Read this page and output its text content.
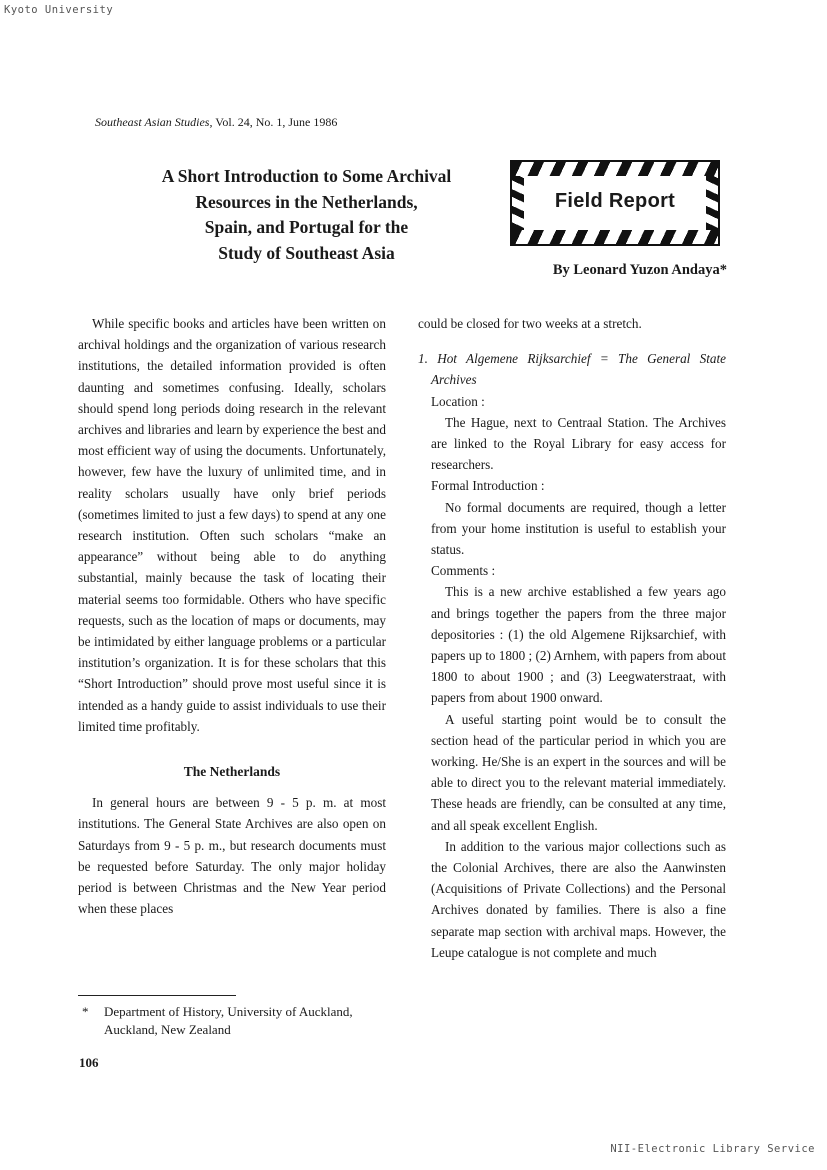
Kyoto University
Southeast Asian Studies, Vol. 24, No. 1, June 1986
A Short Introduction to Some Archival
Resources in the Netherlands,
Spain, and Portugal for the
Study of Southeast Asia
Field Report
By Leonard Yuzon Andaya*

While specific books and articles have been written on archival holdings and the organization of various research institutions, the detailed information provided is often daunting and sometimes confusing. Ideally, scholars should spend long periods doing research in the relevant archives and libraries and learn by experience the best and most efficient way of using the documents. Unfortunately, however, few have the luxury of unlimited time, and in reality scholars usually have only brief periods (sometimes limited to just a few days) to spend at any one research institution. Often such scholars “make an appearance” without being able to do anything substantial, mainly because the task of locating their material seems too formidable. Others who have specific requests, such as the location of maps or documents, may be intimidated by either language problems or a particular institution’s organization. It is for these scholars that this “Short Introduction” should prove most useful since it is intended as a handy guide to assist individuals to use their limited time profitably.

The Netherlands

In general hours are between 9 - 5 p. m. at most institutions. The General State Archives are also open on Saturdays from 9 - 5 p. m., but research documents must be requested before Saturday. The only major holiday period is between Christmas and the New Year period when these places

could be closed for two weeks at a stretch.

1. Hot Algemene Rijksarchief = The General State Archives

Location :

The Hague, next to Centraal Station. The Archives are linked to the Royal Library for easy access for researchers.

Formal Introduction :

No formal documents are required, though a letter from your home institution is useful to establish your status.

Comments :

This is a new archive established a few years ago and brings together the papers from the three major depositories : (1) the old Algemene Rijksarchief, with papers up to 1800 ; (2) Arnhem, with papers from about 1800 to about 1900 ; and (3) Leegwaterstraat, with papers from about 1900 onward.

A useful starting point would be to consult the section head of the particular period in which you are working. He/She is an expert in the sources and will be able to direct you to the relevant material immediately. These heads are friendly, can be consulted at any time, and all speak excellent English.

In addition to the various major collections such as the Colonial Archives, there are also the Aanwinsten (Acquisitions of Private Collections) and the Personal Archives donated by families. There is also a fine separate map section with archival maps. However, the Leupe catalogue is not complete and much

*	Department of History, University of Auckland, Auckland, New Zealand
106
NII-Electronic Library Service
